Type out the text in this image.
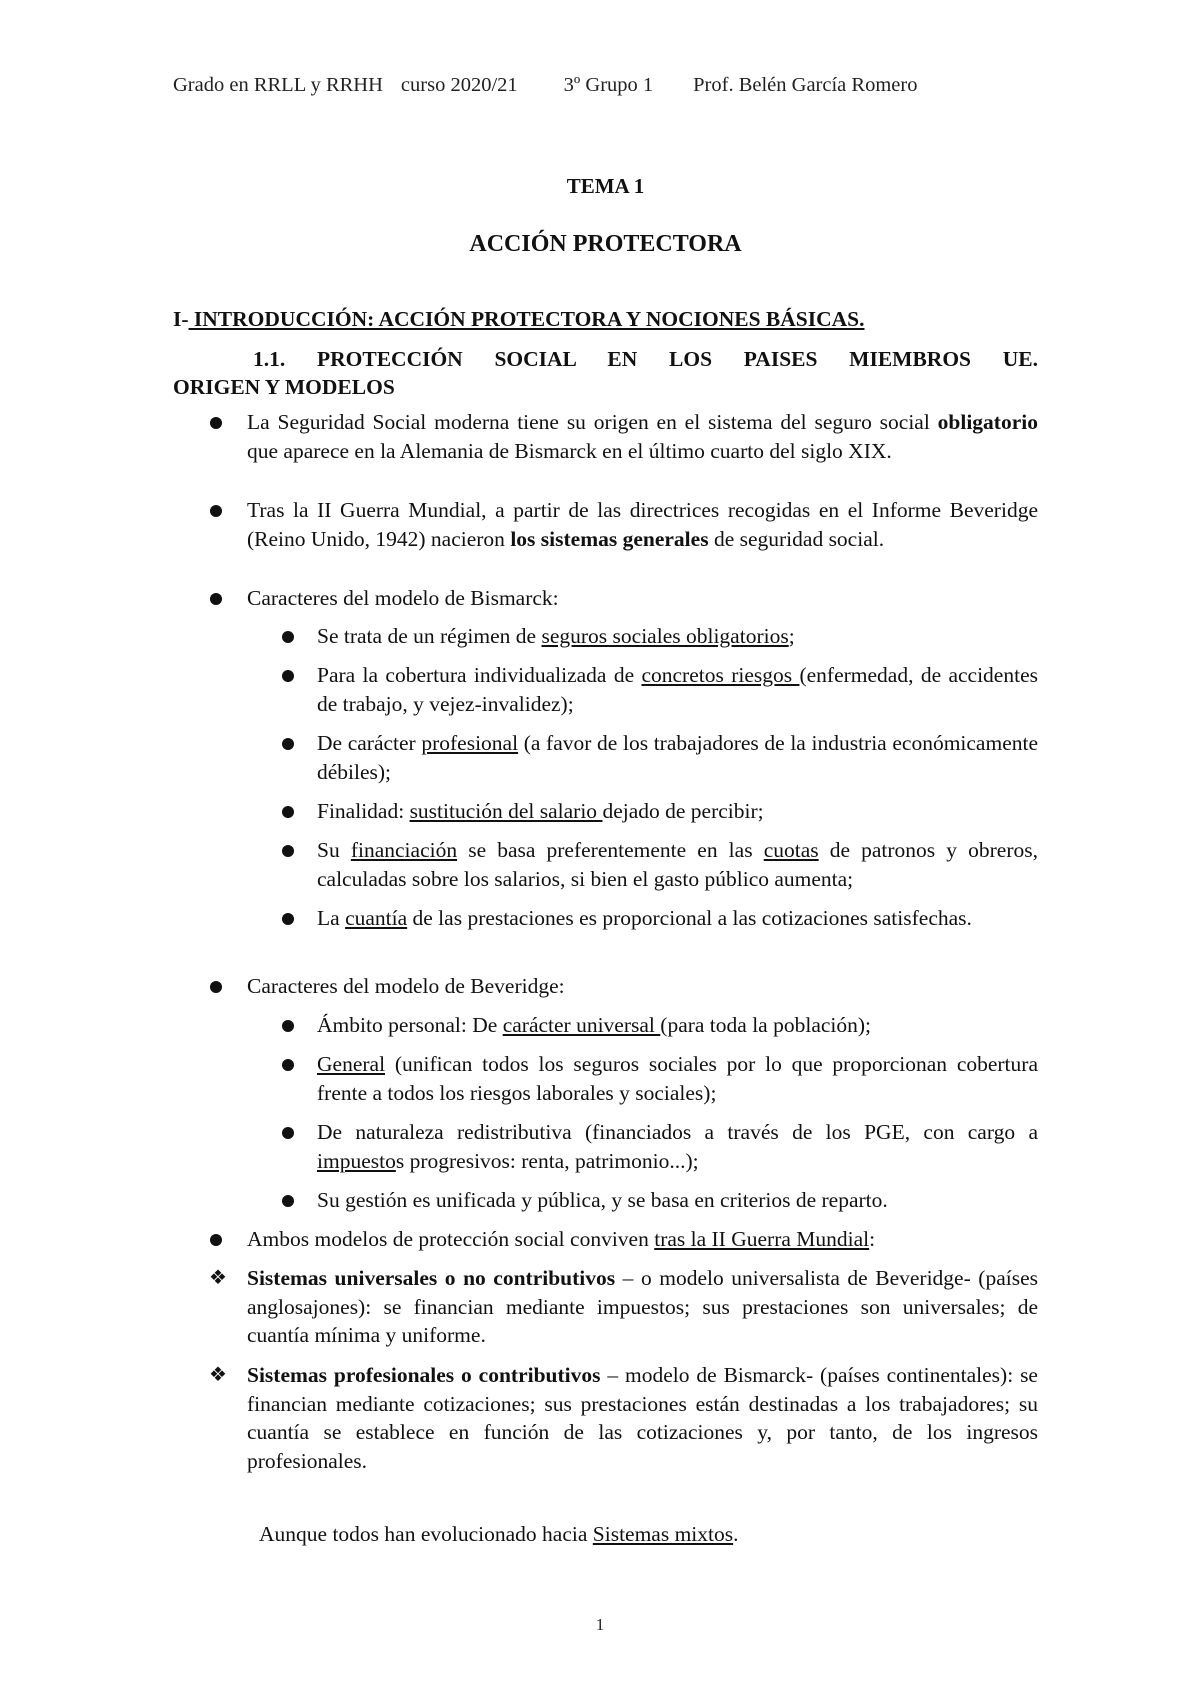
Grado en RRLL y RRHH curso 2020/21 3º Grupo 1 Prof. Belén García Romero
TEMA 1
ACCIÓN PROTECTORA
I- INTRODUCCIÓN: ACCIÓN PROTECTORA Y NOCIONES BÁSICAS.
1.1. PROTECCIÓN SOCIAL EN LOS PAISES MIEMBROS UE.
ORIGEN Y MODELOS
La Seguridad Social moderna tiene su origen en el sistema del seguro social obligatorio que aparece en la Alemania de Bismarck en el último cuarto del siglo XIX.
Tras la II Guerra Mundial, a partir de las directrices recogidas en el Informe Beveridge (Reino Unido, 1942) nacieron los sistemas generales de seguridad social.
Caracteres del modelo de Bismarck:
Se trata de un régimen de seguros sociales obligatorios;
Para la cobertura individualizada de concretos riesgos (enfermedad, de accidentes de trabajo, y vejez-invalidez);
De carácter profesional (a favor de los trabajadores de la industria económicamente débiles);
Finalidad: sustitución del salario dejado de percibir;
Su financiación se basa preferentemente en las cuotas de patronos y obreros, calculadas sobre los salarios, si bien el gasto público aumenta;
La cuantía de las prestaciones es proporcional a las cotizaciones satisfechas.
Caracteres del modelo de Beveridge:
Ámbito personal: De carácter universal (para toda la población);
General (unifican todos los seguros sociales por lo que proporcionan cobertura frente a todos los riesgos laborales y sociales);
De naturaleza redistributiva (financiados a través de los PGE, con cargo a impuestos progresivos: renta, patrimonio...);
Su gestión es unificada y pública, y se basa en criterios de reparto.
Ambos modelos de protección social conviven tras la II Guerra Mundial:
❖ Sistemas universales o no contributivos – o modelo universalista de Beveridge- (países anglosajones): se financian mediante impuestos; sus prestaciones son universales; de cuantía mínima y uniforme.
❖ Sistemas profesionales o contributivos – modelo de Bismarck- (países continentales): se financian mediante cotizaciones; sus prestaciones están destinadas a los trabajadores; su cuantía se establece en función de las cotizaciones y, por tanto, de los ingresos profesionales.
Aunque todos han evolucionado hacia Sistemas mixtos.
1
